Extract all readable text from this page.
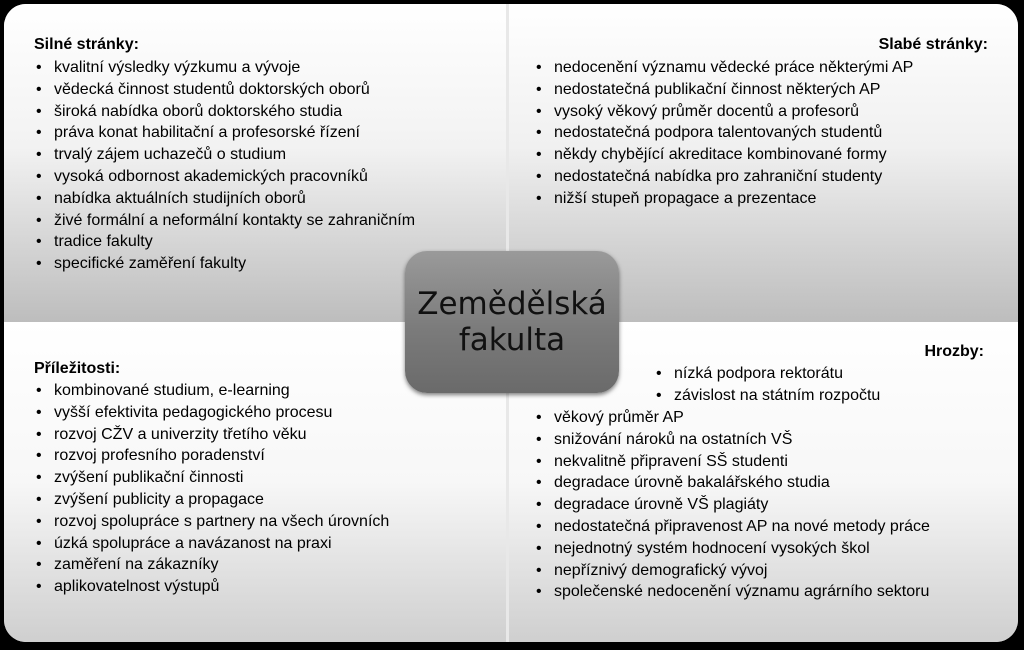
Silné stránky:
• kvalitní výsledky výzkumu a vývoje
• vědecká činnost studentů doktorských oborů
• široká nabídka oborů doktorského studia
• práva konat habilitační a profesorské řízení
• trvalý zájem uchazečů o studium
• vysoká odbornost akademických pracovníků
• nabídka aktuálních studijních oborů
• živé formální a neformální kontakty se zahraničním
• tradice fakulty
• specifické zaměření fakulty
Slabé stránky:
• nedocenění významu vědecké práce některými AP
• nedostatečná publikační činnost některých AP
• vysoký věkový průměr docentů a profesorů
• nedostatečná podpora talentovaných studentů
• někdy chybějící akreditace kombinované formy
• nedostatečná nabídka pro zahraniční studenty
• nižší stupeň propagace a prezentace
Příležitosti:
• kombinované studium, e-learning
• vyšší efektivita pedagogického procesu
• rozvoj CŽV a univerzity třetího věku
• rozvoj profesního poradenství
• zvýšení publikační činnosti
• zvýšení publicity a propagace
• rozvoj spolupráce s partnery na všech úrovních
• úzká spolupráce a navázanost na praxi
• zaměření na zákazníky
• aplikovatelnost výstupů
Hrozby:
• nízká podpora rektorátu
• závislost na státním rozpočtu
• věkový průměr AP
• snižování nároků na ostatních VŠ
• nekvalitně připravení SŠ studenti
• degradace úrovně bakalářského studia
• degradace úrovně VŠ plagiáty
• nedostatečná připravenost AP na nové metody práce
• nejednotný systém hodnocení vysokých škol
• nepříznivý demografický vývoj
• společenské nedocenění významu agrárního sektoru
Zemědělská
fakulta
